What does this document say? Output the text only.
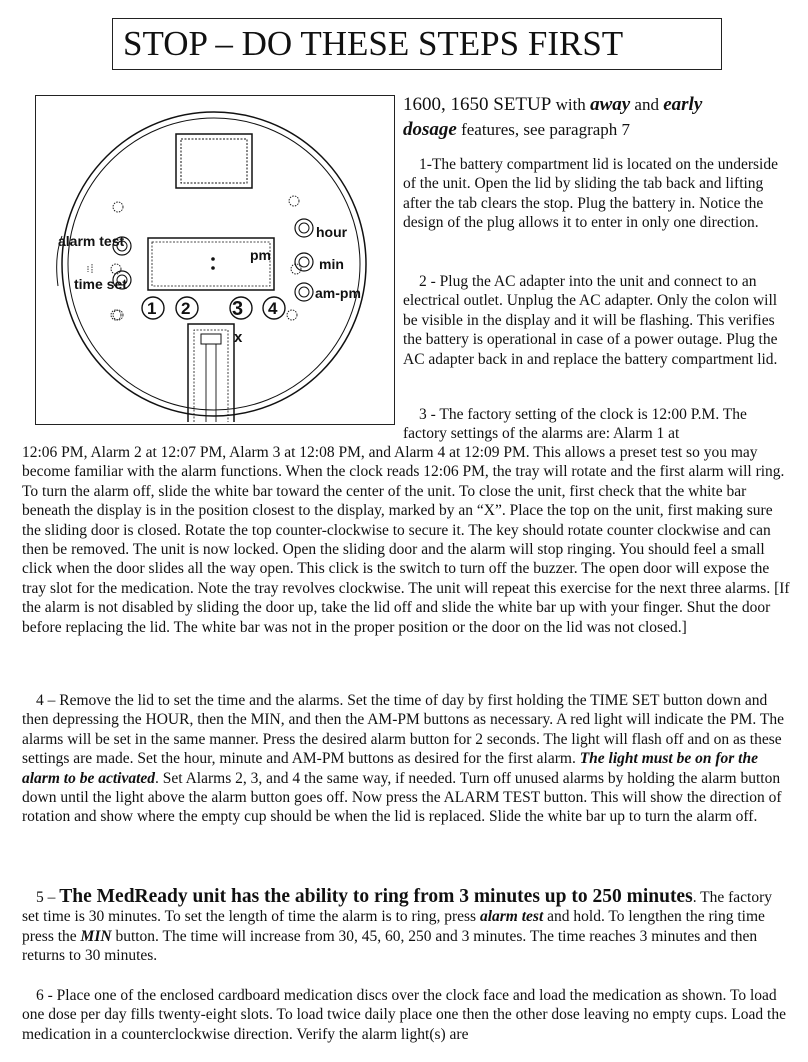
STOP – DO THESE STEPS FIRST
pm
alarm test
time set
hour
min
am-pm
1 2 3 4
x
1600, 1650 SETUP with away and early
dosage features, see paragraph 7

1-The battery compartment lid is located on the underside of the unit. Open the lid by sliding the tab back and lifting after the tab clears the stop. Plug the battery in. Notice the design of the plug allows it to enter in only one direction.

2 - Plug the AC adapter into the unit and connect to an electrical outlet. Unplug the AC adapter. Only the colon will be visible in the display and it will be flashing. This verifies the battery is operational in case of a power outage. Plug the AC adapter back in and replace the battery compartment lid.

3 - The factory setting of the clock is 12:00 P.M. The factory settings of the alarms are: Alarm 1 at

12:06 PM, Alarm 2 at 12:07 PM, Alarm 3 at 12:08 PM, and Alarm 4 at 12:09 PM. This allows a preset test so you may become familiar with the alarm functions. When the clock reads 12:06 PM, the tray will rotate and the first alarm will ring. To turn the alarm off, slide the white bar toward the center of the unit. To close the unit, first check that the white bar beneath the display is in the position closest to the display, marked by an “X”. Place the top on the unit, first making sure the sliding door is closed. Rotate the top counter-clockwise to secure it. The key should rotate counter clockwise and can then be removed. The unit is now locked. Open the sliding door and the alarm will stop ringing. You should feel a small click when the door slides all the way open. This click is the switch to turn off the buzzer. The open door will expose the tray slot for the medication. Note the tray revolves clockwise. The unit will repeat this exercise for the next three alarms. [If the alarm is not disabled by sliding the door up, take the lid off and slide the white bar up with your finger. Shut the door before replacing the lid. The white bar was not in the proper position or the door on the lid was not closed.]

4 – Remove the lid to set the time and the alarms. Set the time of day by first holding the TIME SET button down and then depressing the HOUR, then the MIN, and then the AM-PM buttons as necessary. A red light will indicate the PM. The alarms will be set in the same manner. Press the desired alarm button for 2 seconds. The light will flash off and on as these settings are made. Set the hour, minute and AM-PM buttons as desired for the first alarm. The light must be on for the alarm to be activated. Set Alarms 2, 3, and 4 the same way, if needed. Turn off unused alarms by holding the alarm button down until the light above the alarm button goes off. Now press the ALARM TEST button. This will show the direction of rotation and show where the empty cup should be when the lid is replaced. Slide the white bar up to turn the alarm off.

5 – The MedReady unit has the ability to ring from 3 minutes up to 250 minutes. The factory set time is 30 minutes. To set the length of time the alarm is to ring, press alarm test and hold. To lengthen the ring time press the MIN button. The time will increase from 30, 45, 60, 250 and 3 minutes. The time reaches 3 minutes and then returns to 30 minutes.

6 - Place one of the enclosed cardboard medication discs over the clock face and load the medication as shown. To load one dose per day fills twenty-eight slots. To load twice daily place one then the other dose leaving no empty cups. Load the medication in a counterclockwise direction. Verify the alarm light(s) are
